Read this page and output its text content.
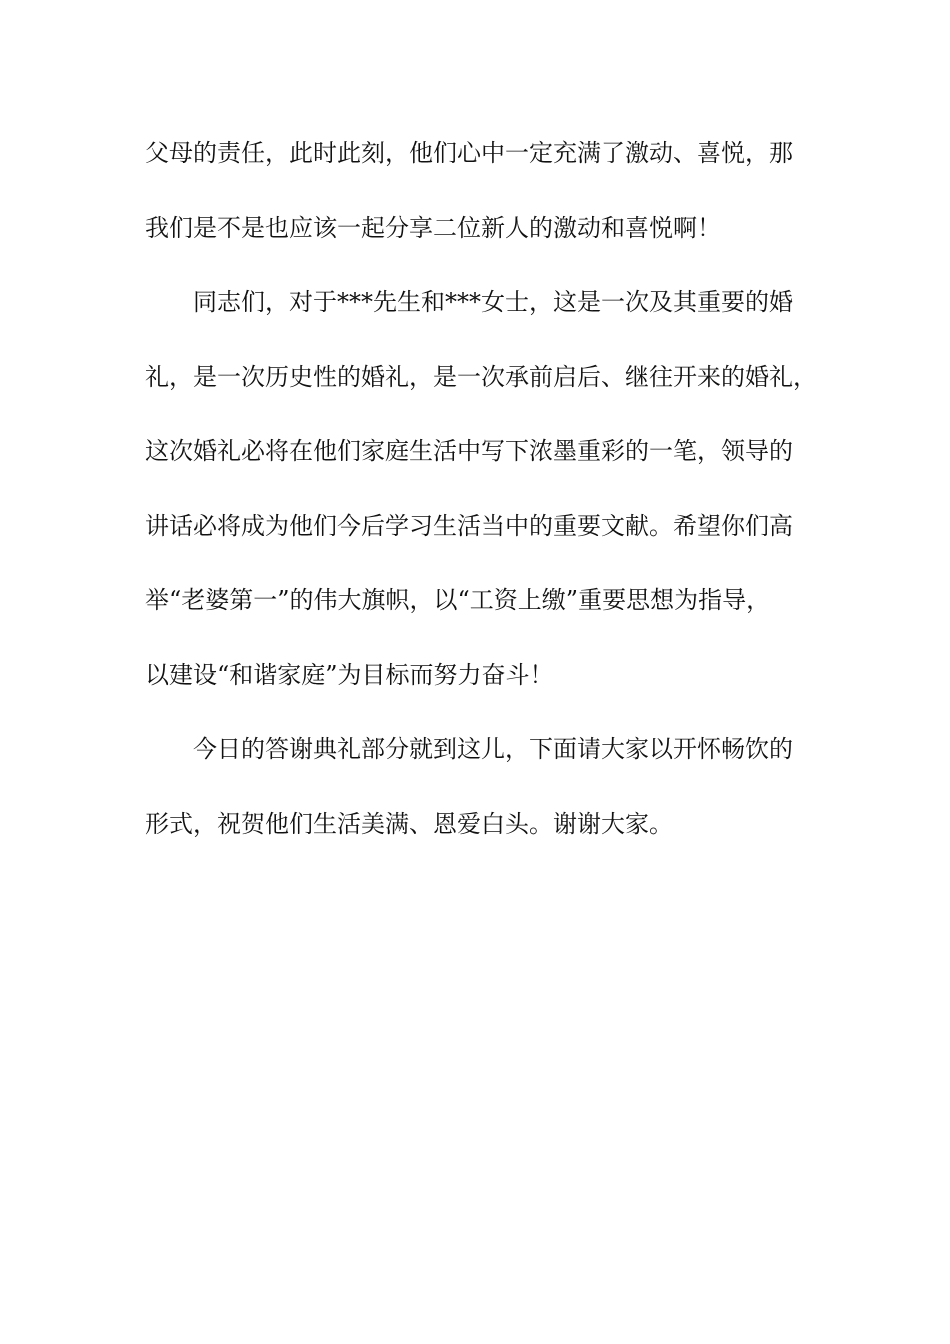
父母的责任，此时此刻，他们心中一定充满了激动、喜悦，那
我们是不是也应该一起分享二位新人的激动和喜悦啊！
同志们，对于***先生和***女士，这是一次及其重要的婚
礼，是一次历史性的婚礼，是一次承前启后、继往开来的婚礼，
这次婚礼必将在他们家庭生活中写下浓墨重彩的一笔，领导的
讲话必将成为他们今后学习生活当中的重要文献。希望你们高
举“老婆第一”的伟大旗帜，以“工资上缴”重要思想为指导，
以建设“和谐家庭”为目标而努力奋斗！
今日的答谢典礼部分就到这儿，下面请大家以开怀畅饮的
形式，祝贺他们生活美满、恩爱白头。谢谢大家。
